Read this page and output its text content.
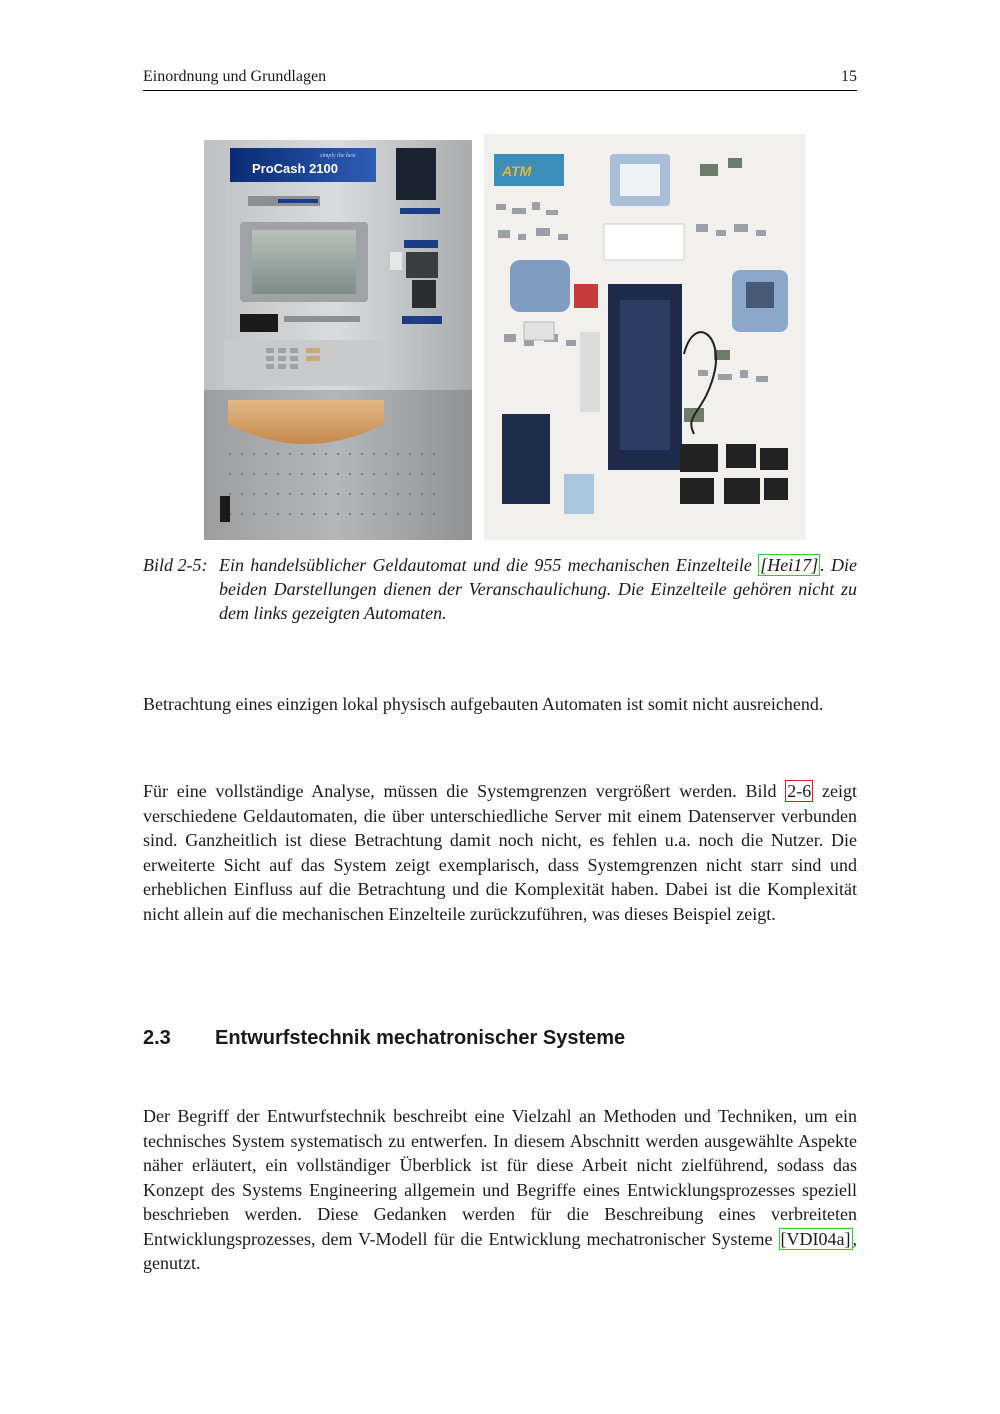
Einordnung und Grundlagen	15
ProCash 2100
simply the best
ATM
Bild 2-5: Ein handelsüblicher Geldautomat und die 955 mechanischen Einzelteile [Hei17] . Die beiden Darstellungen dienen der Veranschaulichung. Die Einzelteile gehören nicht zu dem links gezeigten Automaten.
Betrachtung eines einzigen lokal physisch aufgebauten Automaten ist somit nicht ausreichend.
Für eine vollständige Analyse, müssen die Systemgrenzen vergrößert werden. Bild 2-6 zeigt verschiedene Geldautomaten, die über unterschiedliche Server mit einem Datenserver verbunden sind. Ganzheitlich ist diese Betrachtung damit noch nicht, es fehlen u.a. noch die Nutzer. Die erweiterte Sicht auf das System zeigt exemplarisch, dass Systemgrenzen nicht starr sind und erheblichen Einfluss auf die Betrachtung und die Komplexität haben. Dabei ist die Komplexität nicht allein auf die mechanischen Einzelteile zurückzuführen, was dieses Beispiel zeigt.
2.3 Entwurfstechnik mechatronischer Systeme
Der Begriff der Entwurfstechnik beschreibt eine Vielzahl an Methoden und Techniken, um ein technisches System systematisch zu entwerfen. In diesem Abschnitt werden ausgewählte Aspekte näher erläutert, ein vollständiger Überblick ist für diese Arbeit nicht zielführend, sodass das Konzept des Systems Engineering allgemein und Begriffe eines Entwicklungsprozesses speziell beschrieben werden. Diese Gedanken werden für die Beschreibung eines verbreiteten Entwicklungsprozesses, dem V-Modell für die Entwicklung mechatronischer Systeme [VDI04a] , genutzt.
